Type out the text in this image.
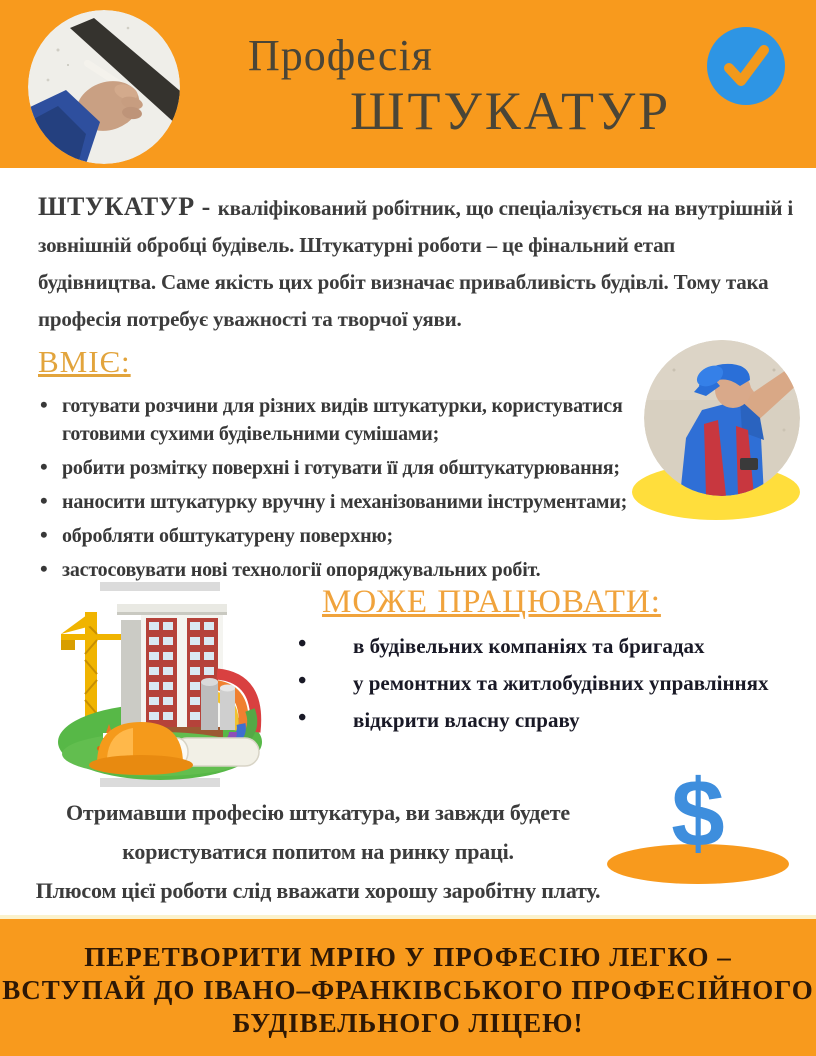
Професія
ШТУКАТУР
ШТУКАТУР - кваліфікований робітник, що спеціалізується на внутрішній і зовнішній обробці будівель. Штукатурні роботи – це фінальний етап будівництва. Саме якість цих робіт визначає привабливість будівлі. Тому така професія потребує уважності та творчої уяви.
ВМІЄ:
• готувати розчини для різних видів штукатурки, користуватися готовими сухими будівельними сумішами;
• робити розмітку поверхні і готувати її для обштукатурювання;
• наносити штукатурку вручну і механізованими інструментами;
• обробляти обштукатурену поверхню;
• застосовувати нові технології опоряджувальних робіт.
МОЖЕ ПРАЦЮВАТИ:
• в будівельних компаніях та бригадах
• у ремонтних та житлобудівних управліннях
• відкрити власну справу
Отримавши професію штукатура, ви завжди будете
користуватися попитом на ринку праці.
Плюсом цієї роботи слід вважати хорошу заробітну плату.
$
ПЕРЕТВОРИТИ МРІЮ У ПРОФЕСІЮ ЛЕГКО –
ВСТУПАЙ ДО ІВАНО–ФРАНКІВСЬКОГО ПРОФЕСІЙНОГО
БУДІВЕЛЬНОГО ЛІЦЕЮ!
